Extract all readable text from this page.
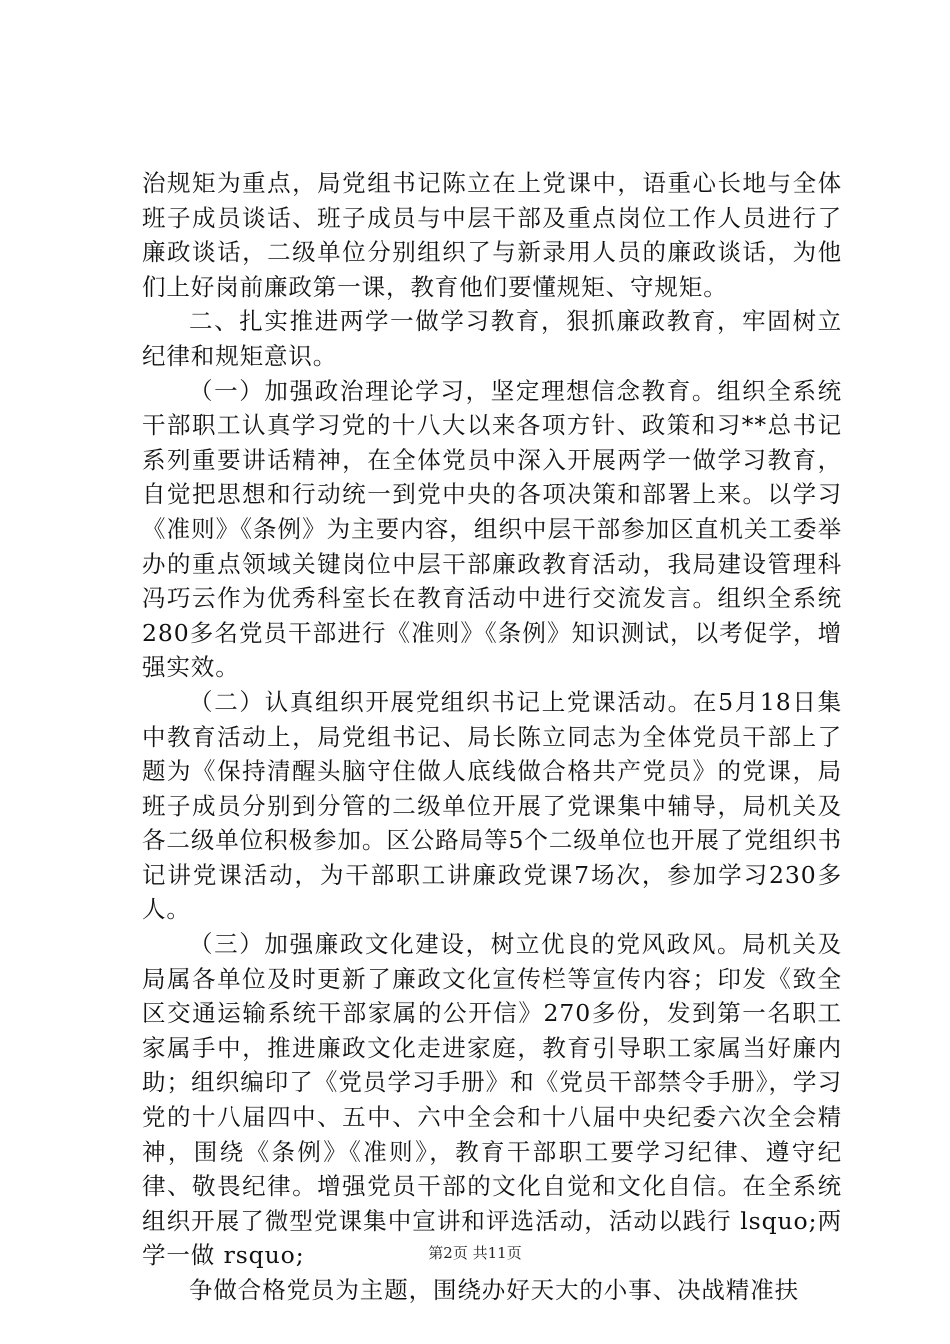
治规矩为重点，局党组书记陈立在上党课中，语重心长地与全体班子成员谈话、班子成员与中层干部及重点岗位工作人员进行了廉政谈话，二级单位分别组织了与新录用人员的廉政谈话，为他们上好岗前廉政第一课，教育他们要懂规矩、守规矩。

二、扎实推进两学一做学习教育，狠抓廉政教育，牢固树立纪律和规矩意识。

（一）加强政治理论学习，坚定理想信念教育。组织全系统干部职工认真学习党的十八大以来各项方针、政策和习**总书记系列重要讲话精神，在全体党员中深入开展两学一做学习教育，自觉把思想和行动统一到党中央的各项决策和部署上来。以学习《准则》《条例》为主要内容，组织中层干部参加区直机关工委举办的重点领域关键岗位中层干部廉政教育活动，我局建设管理科冯巧云作为优秀科室长在教育活动中进行交流发言。组织全系统280多名党员干部进行《准则》《条例》知识测试，以考促学，增强实效。

（二）认真组织开展党组织书记上党课活动。在5月18日集中教育活动上，局党组书记、局长陈立同志为全体党员干部上了题为《保持清醒头脑守住做人底线做合格共产党员》的党课，局班子成员分别到分管的二级单位开展了党课集中辅导，局机关及各二级单位积极参加。区公路局等5个二级单位也开展了党组织书记讲党课活动，为干部职工讲廉政党课7场次，参加学习230多人。

（三）加强廉政文化建设，树立优良的党风政风。局机关及局属各单位及时更新了廉政文化宣传栏等宣传内容；印发《致全区交通运输系统干部家属的公开信》270多份，发到第一名职工家属手中，推进廉政文化走进家庭，教育引导职工家属当好廉内助；组织编印了《党员学习手册》和《党员干部禁令手册》，学习党的十八届四中、五中、六中全会和十八届中央纪委六次全会精神，围绕《条例》《准则》，教育干部职工要学习纪律、遵守纪律、敬畏纪律。增强党员干部的文化自觉和文化自信。在全系统组织开展了微型党课集中宣讲和评选活动，活动以践行 lsquo;两学一做 rsquo;

争做合格党员为主题，围绕办好天大的小事、决战精准扶

第2页 共11页
